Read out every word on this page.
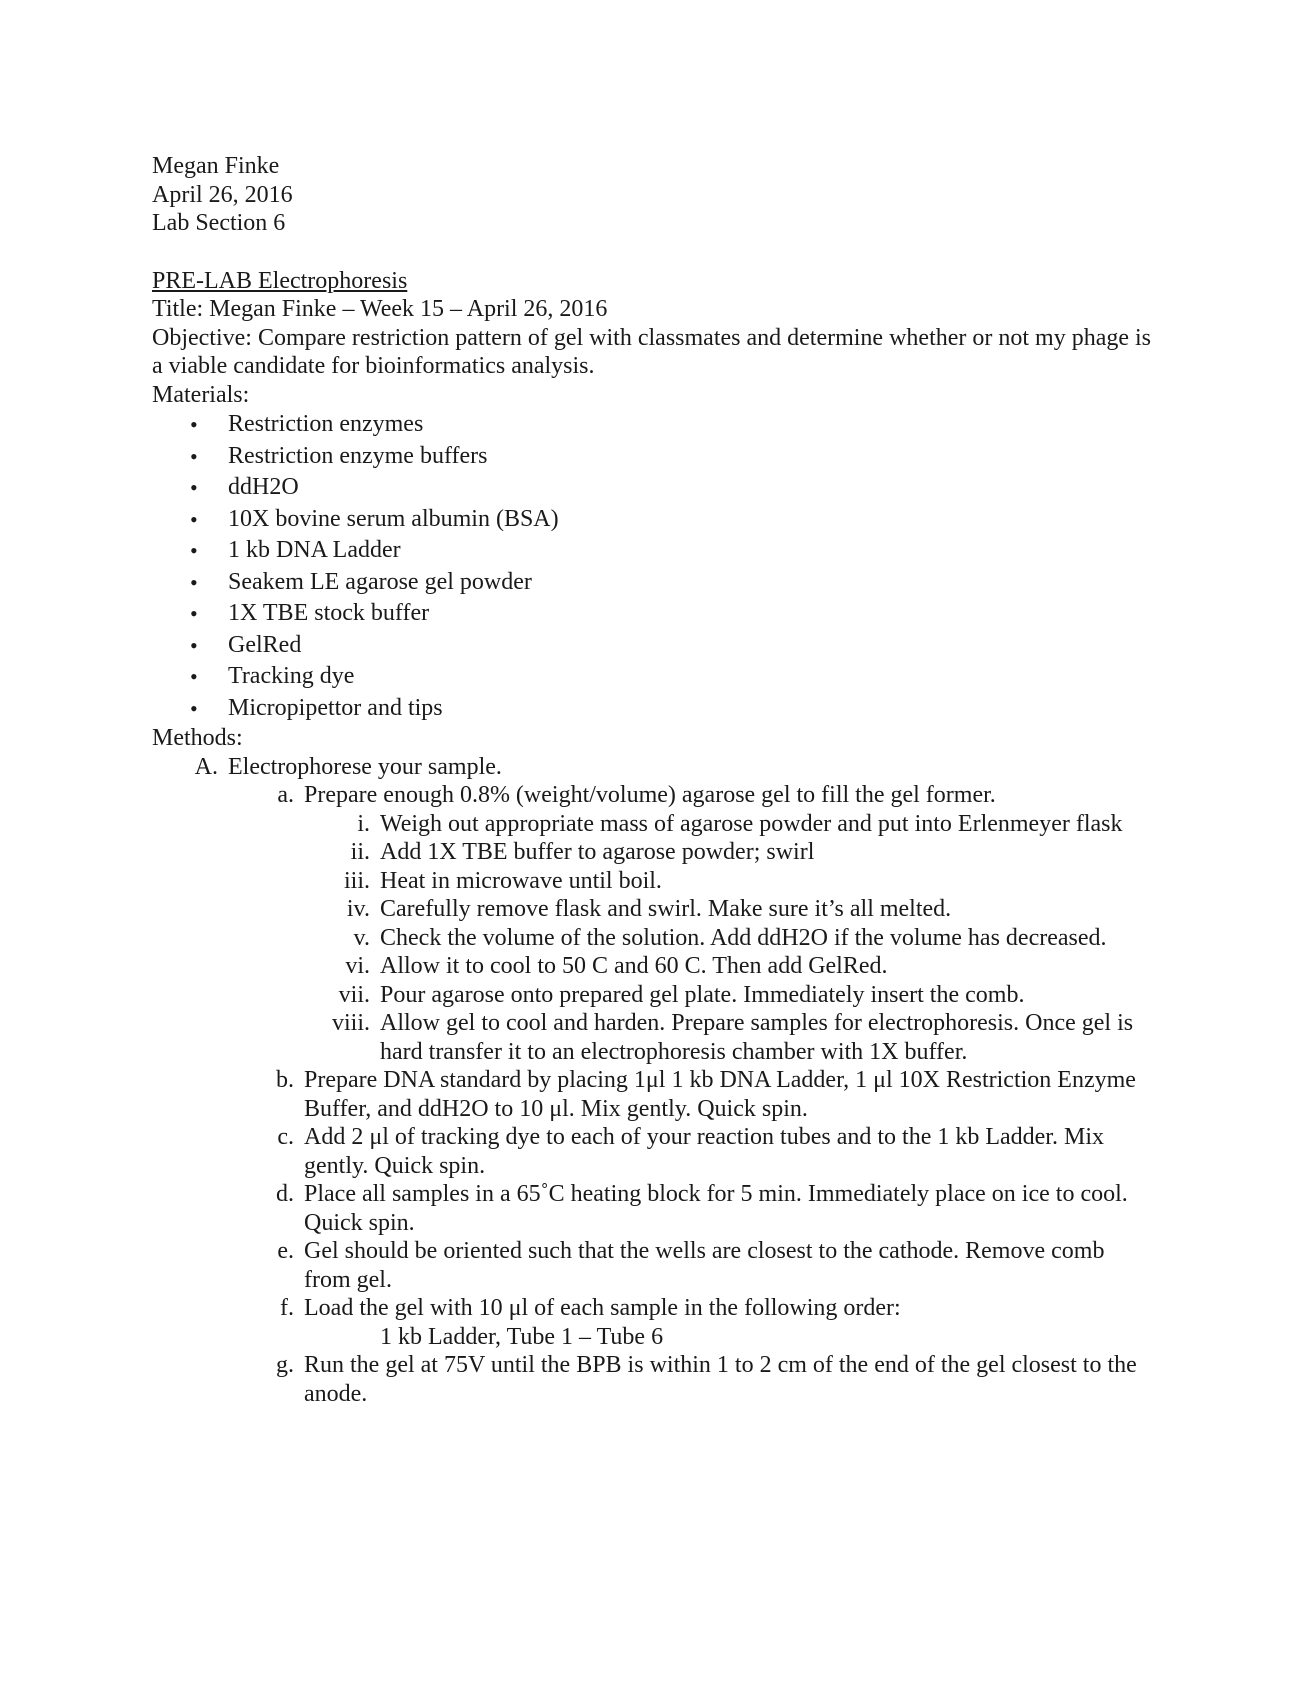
Megan Finke

April 26, 2016

Lab Section 6

PRE-LAB Electrophoresis

Title: Megan Finke – Week 15 – April 26, 2016

Objective: Compare restriction pattern of gel with classmates and determine whether or not my phage is a viable candidate for bioinformatics analysis.

Materials:

• Restriction enzymes
• Restriction enzyme buffers
• ddH2O
• 10X bovine serum albumin (BSA)
• 1 kb DNA Ladder
• Seakem LE agarose gel powder
• 1X TBE stock buffer
• GelRed
• Tracking dye
• Micropipettor and tips

Methods:

A. Electrophorese your sample.
a. Prepare enough 0.8% (weight/volume) agarose gel to fill the gel former.
i. Weigh out appropriate mass of agarose powder and put into Erlenmeyer flask
ii. Add 1X TBE buffer to agarose powder; swirl
iii. Heat in microwave until boil.
iv. Carefully remove flask and swirl. Make sure it’s all melted.
v. Check the volume of the solution. Add ddH2O if the volume has decreased.
vi. Allow it to cool to 50 C and 60 C. Then add GelRed.
vii. Pour agarose onto prepared gel plate. Immediately insert the comb.
viii. Allow gel to cool and harden. Prepare samples for electrophoresis. Once gel is hard transfer it to an electrophoresis chamber with 1X buffer.
b. Prepare DNA standard by placing 1μl 1 kb DNA Ladder, 1 μl 10X Restriction Enzyme Buffer, and ddH2O to 10 μl. Mix gently. Quick spin.
c. Add 2 μl of tracking dye to each of your reaction tubes and to the 1 kb Ladder. Mix gently. Quick spin.
d. Place all samples in a 65˚C heating block for 5 min. Immediately place on ice to cool. Quick spin.
e. Gel should be oriented such that the wells are closest to the cathode. Remove comb from gel.
f. Load the gel with 10 μl of each sample in the following order:

1 kb Ladder, Tube 1 – Tube 6

g. Run the gel at 75V until the BPB is within 1 to 2 cm of the end of the gel closest to the anode.
